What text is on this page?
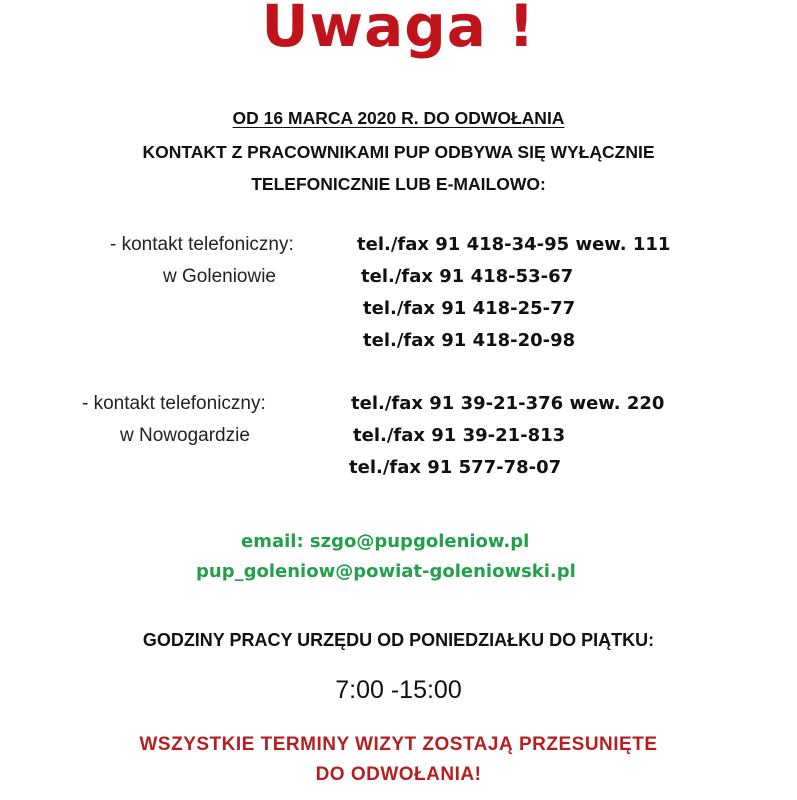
Uwaga !
OD 16 MARCA 2020 R. DO ODWOŁANIA
KONTAKT Z PRACOWNIKAMI PUP ODBYWA SIĘ WYŁĄCZNIE
TELEFONICZNIE LUB E-MAILOWO:
- kontakt telefoniczny:
w Goleniowie
tel./fax 91 418-34-95 wew. 111
tel./fax 91 418-53-67
tel./fax 91 418-25-77
tel./fax 91 418-20-98
- kontakt telefoniczny:
w Nowogardzie
tel./fax 91 39-21-376 wew. 220
tel./fax 91 39-21-813
tel./fax 91 577-78-07
email: szgo@pupgoleniow.pl
pup_goleniow@powiat-goleniowski.pl
GODZINY PRACY URZĘDU OD PONIEDZIAŁKU DO PIĄTKU:
7:00 -15:00
WSZYSTKIE TERMINY WIZYT ZOSTAJĄ PRZESUNIĘTE
DO ODWOŁANIA!
